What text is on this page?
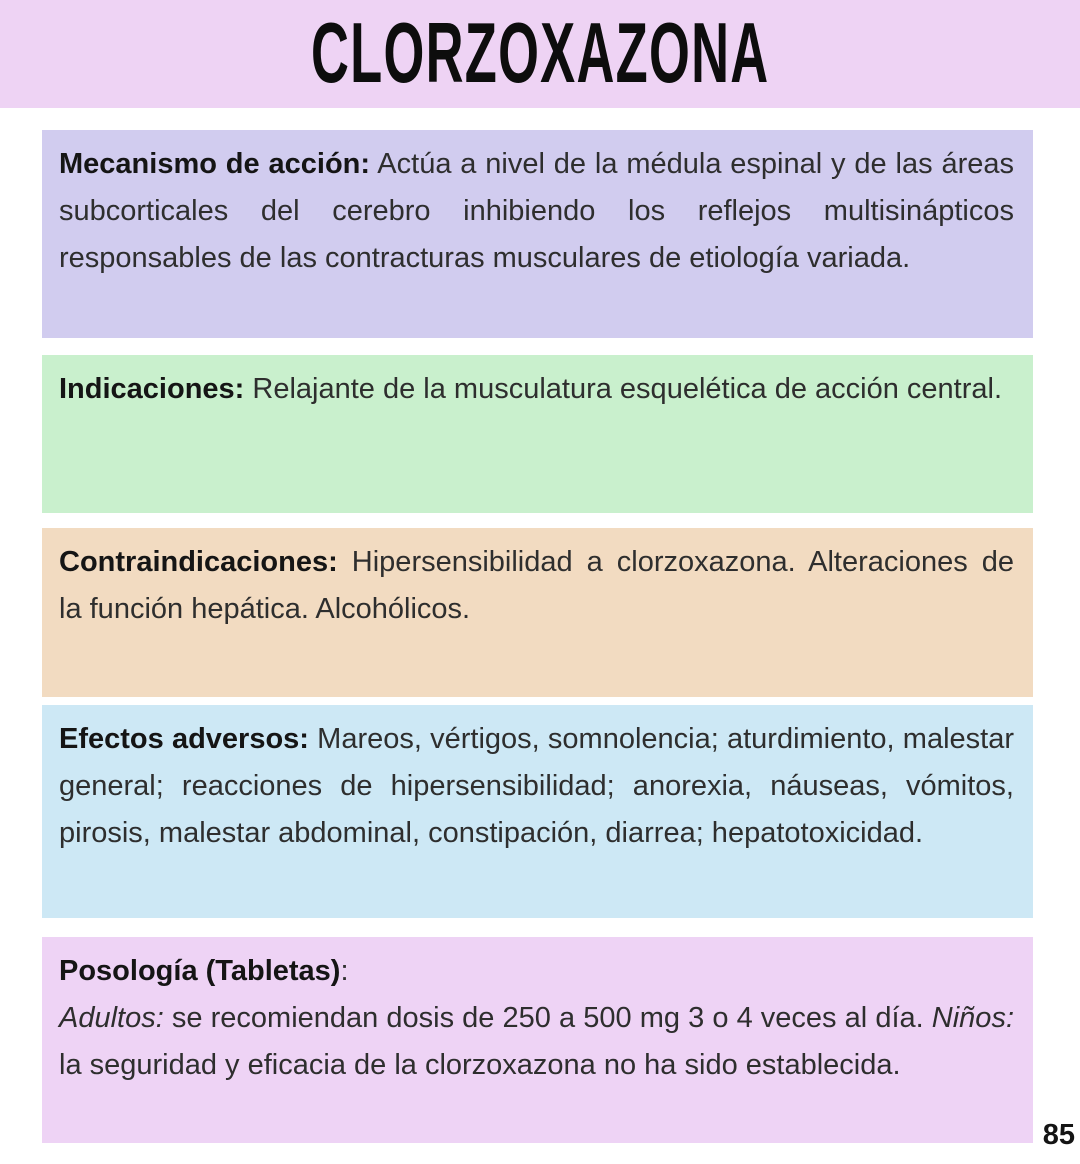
CLORZOXAZONA
Mecanismo de acción: Actúa a nivel de la médula espinal y de las áreas subcorticales del cerebro inhibiendo los reflejos multisinápticos responsables de las contracturas musculares de etiología variada.
Indicaciones: Relajante de la musculatura esquelética de acción central.
Contraindicaciones: Hipersensibilidad a clorzoxazona. Alteraciones de la función hepática. Alcohólicos.
Efectos adversos: Mareos, vértigos, somnolencia; aturdimiento, malestar general; reacciones de hipersensibilidad; anorexia, náuseas, vómitos, pirosis, malestar abdominal, constipación, diarrea; hepatotoxicidad.
Posología (Tabletas):

Adultos: se recomiendan dosis de 250 a 500 mg 3 o 4 veces al día. Niños: la seguridad y eficacia de la clorzoxazona no ha sido establecida.

85
